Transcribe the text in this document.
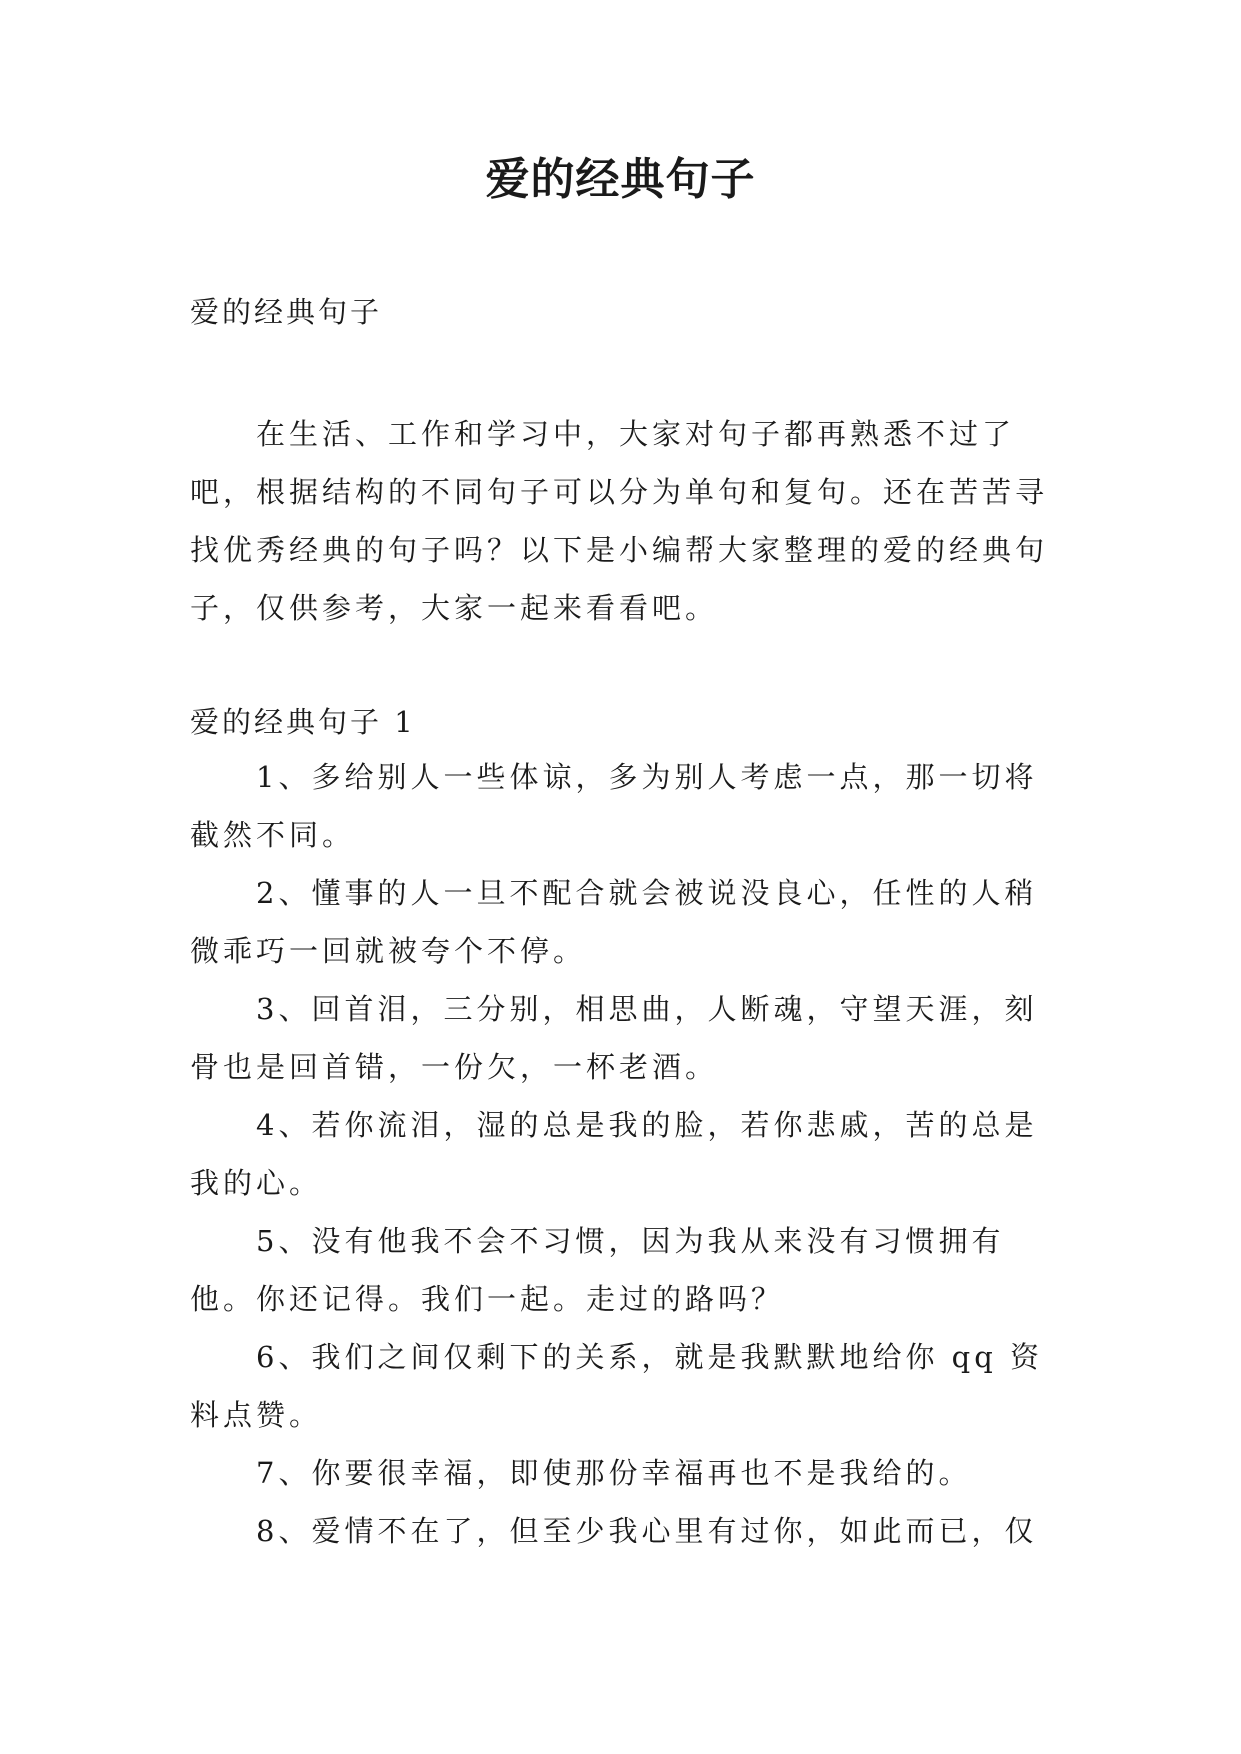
爱的经典句子
爱的经典句子

在生活、工作和学习中，大家对句子都再熟悉不过了吧，根据结构的不同句子可以分为单句和复句。还在苦苦寻找优秀经典的句子吗？以下是小编帮大家整理的爱的经典句子，仅供参考，大家一起来看看吧。

爱的经典句子 1
1、多给别人一些体谅，多为别人考虑一点，那一切将截然不同。
2、懂事的人一旦不配合就会被说没良心，任性的人稍微乖巧一回就被夸个不停。
3、回首泪，三分别，相思曲，人断魂，守望天涯，刻骨也是回首错，一份欠，一杯老酒。
4、若你流泪，湿的总是我的脸，若你悲戚，苦的总是我的心。
5、没有他我不会不习惯，因为我从来没有习惯拥有他。你还记得。我们一起。走过的路吗？
6、我们之间仅剩下的关系，就是我默默地给你 qq 资料点赞。
7、你要很幸福，即使那份幸福再也不是我给的。
8、爱情不在了，但至少我心里有过你，如此而已，仅
